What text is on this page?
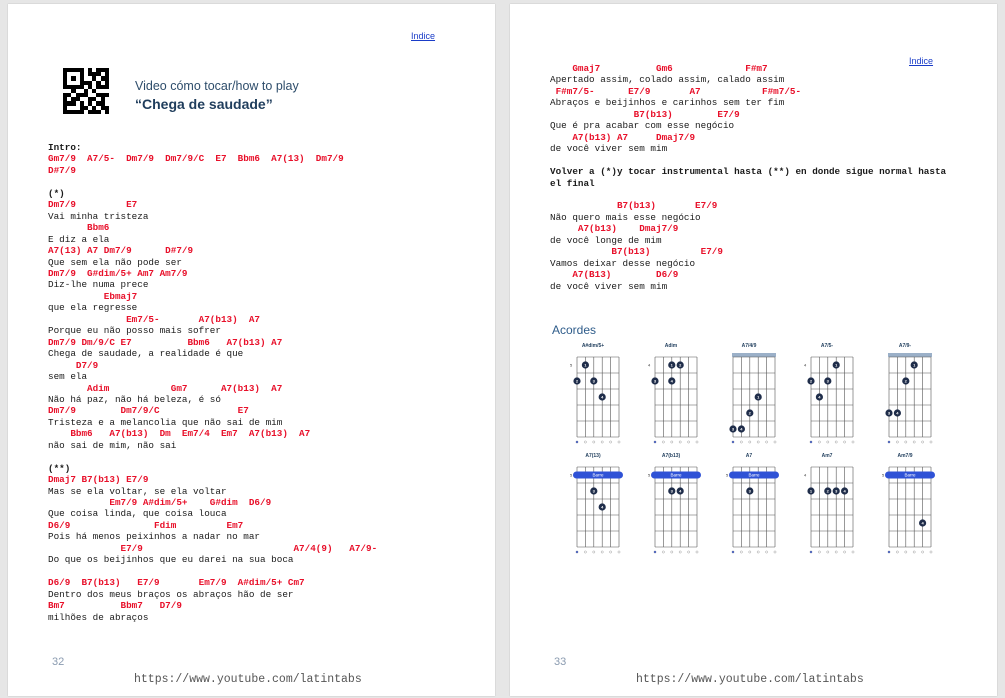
Indice
Video cómo tocar/how to play
“Chega de saudade”
Intro:
Gm7/9  A7/5-  Dm7/9  Dm7/9/C  E7  Bbm6  A7(13)  Dm7/9
D#7/9
(*)
Dm7/9         E7
Vai minha tristeza
Bbm6
E diz a ela
A7(13) A7 Dm7/9      D#7/9
Que sem ela não pode ser
Dm7/9  G#dim/5+ Am7 Am7/9
Diz-lhe numa prece
Ebmaj7
que ela regresse
Em7/5-       A7(b13)  A7
Porque eu não posso mais sofrer
Dm7/9 Dm/9/C E7          Bbm6   A7(b13) A7
Chega de saudade, a realidade é que
D7/9
sem ela
Adim           Gm7      A7(b13)  A7
Não há paz, não há beleza, é só
Dm7/9        Dm7/9/C              E7
Tristeza e a melancolia que não sai de mim
Bbm6   A7(b13)  Dm  Em7/4  Em7  A7(b13)  A7
não sai de mim, não sai
(**)
Dmaj7 B7(b13) E7/9
Mas se ela voltar, se ela voltar
Em7/9 A#dim/5+    G#dim  D6/9
Que coisa linda, que coisa louca
D6/9               Fdim         Em7
Pois há menos peixinhos a nadar no mar
E7/9                           A7/4(9)   A7/9-
Do que os beijinhos que eu darei na sua boca
D6/9  B7(b13)   E7/9       Em7/9  A#dim/5+ Cm7
Dentro dos meus braços os abraços hão de ser
Bm7          Bbm7   D7/9
milhões de abraços
32
https://www.youtube.com/latintabs
Indice
Gmaj7          Gm6             F#m7
Apertado assim, colado assim, calado assim
F#m7/5-      E7/9       A7           F#m7/5-
Abraços e beijinhos e carinhos sem ter fim
B7(b13)        E7/9
Que é pra acabar com esse negócio
A7(b13) A7     Dmaj7/9
de você viver sem mim
Volver a (*)y tocar instrumental hasta (**) en donde sigue normal hasta
el final
B7(b13)       E7/9
Não quero mais esse negócio
A7(b13)    Dmaj7/9
de você longe de mim
B7(b13)         E7/9
Vamos deixar desse negócio
A7(B13)        D6/9
de você viver sem mim
Acordes
A#dim/5+
5	1
2	3
4
Adim
4	1 2
3	4
A7/4/9
1
2
3 4
A7/5-
4	1
2	3
4
A7/9-
1
2
3 4
A7(13)
5	Barre
3
4
A7(b13)
5	Barre
3 4
A7
5	Barre
3
Am7
4
1	2 3 4
Am7/9
5	Barre
4
33
https://www.youtube.com/latintabs
